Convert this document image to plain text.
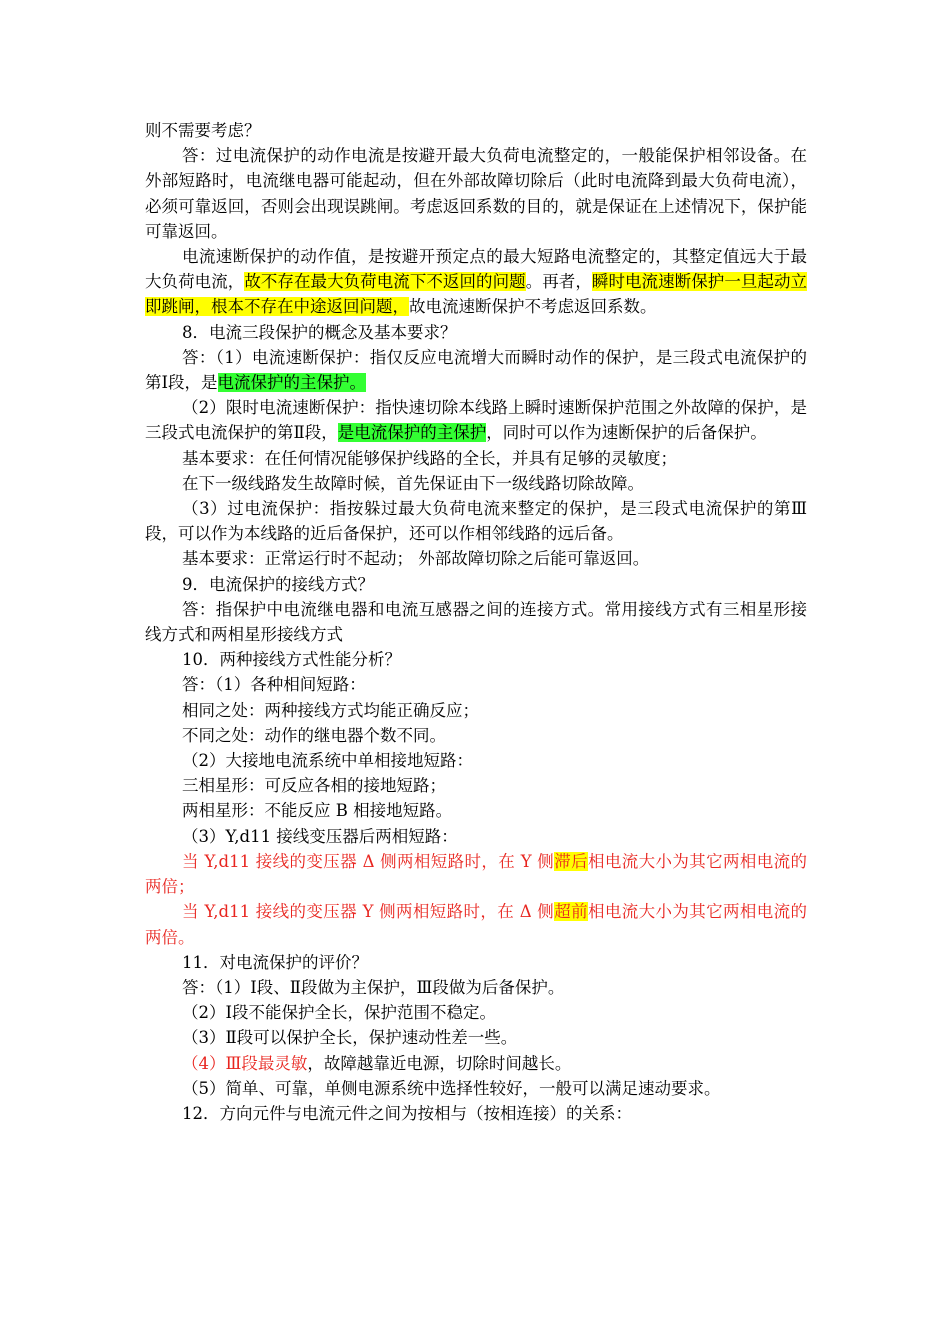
则不需要考虑？

答：过电流保护的动作电流是按避开最大负荷电流整定的，一般能保护相邻设备。在外部短路时，电流继电器可能起动，但在外部故障切除后（此时电流降到最大负荷电流），必须可靠返回，否则会出现误跳闸。考虑返回系数的目的，就是保证在上述情况下，保护能可靠返回。

电流速断保护的动作值，是按避开预定点的最大短路电流整定的，其整定值远大于最大负荷电流，故不存在最大负荷电流下不返回的问题。再者，瞬时电流速断保护一旦起动立即跳闸，根本不存在中途返回问题，故电流速断保护不考虑返回系数。

8．电流三段保护的概念及基本要求？

答：（1）电流速断保护：指仅反应电流增大而瞬时动作的保护，是三段式电流保护的第Ⅰ段，是电流保护的主保护。

（2）限时电流速断保护：指快速切除本线路上瞬时速断保护范围之外故障的保护，是三段式电流保护的第Ⅱ段，是电流保护的主保护，同时可以作为速断保护的后备保护。

基本要求：在任何情况能够保护线路的全长，并具有足够的灵敏度；

在下一级线路发生故障时候，首先保证由下一级线路切除故障。

（3）过电流保护：指按躲过最大负荷电流来整定的保护，是三段式电流保护的第Ⅲ段，可以作为本线路的近后备保护，还可以作相邻线路的远后备。

基本要求：正常运行时不起动； 外部故障切除之后能可靠返回。

9．电流保护的接线方式？

答：指保护中电流继电器和电流互感器之间的连接方式。常用接线方式有三相星形接线方式和两相星形接线方式

10．两种接线方式性能分析？

答：（1）各种相间短路：

相同之处：两种接线方式均能正确反应；

不同之处：动作的继电器个数不同。

（2）大接地电流系统中单相接地短路：

三相星形：可反应各相的接地短路；

两相星形：不能反应 B 相接地短路。

（3）Y,d11 接线变压器后两相短路：

当 Y,d11 接线的变压器 Δ 侧两相短路时，在 Y 侧滞后相电流大小为其它两相电流的两倍；

当 Y,d11 接线的变压器 Y 侧两相短路时，在 Δ 侧超前相电流大小为其它两相电流的两倍。

11．对电流保护的评价？

答：（1）Ⅰ段、Ⅱ段做为主保护，Ⅲ段做为后备保护。

（2）Ⅰ段不能保护全长，保护范围不稳定。

（3）Ⅱ段可以保护全长，保护速动性差一些。

（4）Ⅲ段最灵敏，故障越靠近电源，切除时间越长。

（5）简单、可靠，单侧电源系统中选择性较好，一般可以满足速动要求。

12．方向元件与电流元件之间为按相与（按相连接）的关系：
